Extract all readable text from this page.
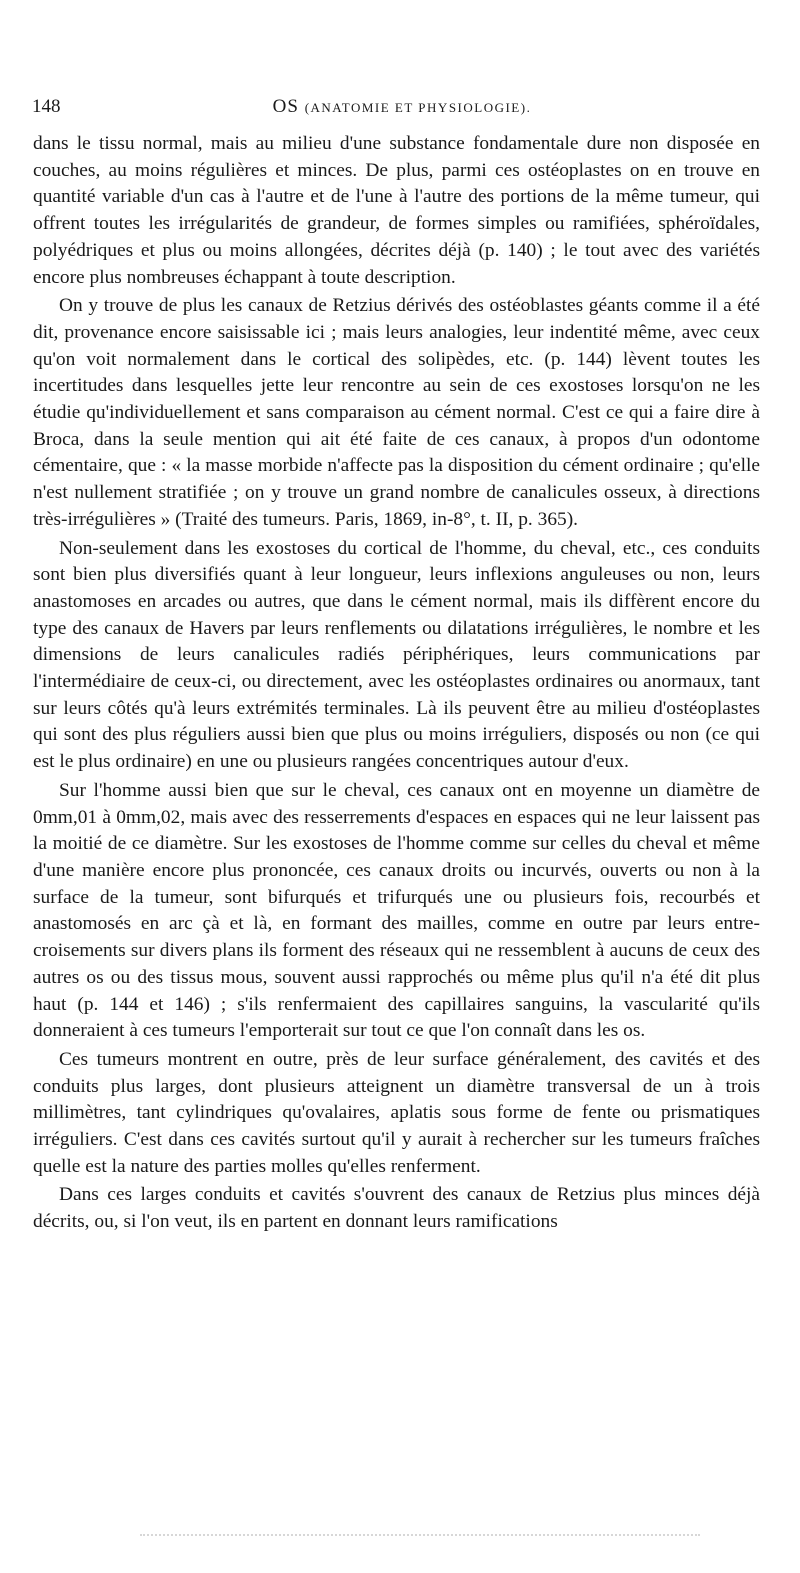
148	OS (ANATOMIE ET PHYSIOLOGIE).

dans le tissu normal, mais au milieu d'une substance fondamentale dure non disposée en couches, au moins régulières et minces. De plus, parmi ces ostéoplastes on en trouve en quantité variable d'un cas à l'autre et de l'une à l'autre des portions de la même tumeur, qui offrent toutes les irrégularités de grandeur, de formes simples ou ramifiées, sphéroïdales, polyédriques et plus ou moins allongées, décrites déjà (p. 140) ; le tout avec des variétés encore plus nombreuses échappant à toute description.

On y trouve de plus les canaux de Retzius dérivés des ostéoblastes géants comme il a été dit, provenance encore saisissable ici ; mais leurs analogies, leur indentité même, avec ceux qu'on voit normalement dans le cortical des solipèdes, etc. (p. 144) lèvent toutes les incertitudes dans lesquelles jette leur rencontre au sein de ces exostoses lorsqu'on ne les étudie qu'individuellement et sans comparaison au cément normal. C'est ce qui a faire dire à Broca, dans la seule mention qui ait été faite de ces canaux, à propos d'un odontome cémentaire, que : « la masse morbide n'affecte pas la disposition du cément ordinaire ; qu'elle n'est nullement stratifiée ; on y trouve un grand nombre de canalicules osseux, à directions très-irrégulières » (Traité des tumeurs. Paris, 1869, in-8°, t. II, p. 365).

Non-seulement dans les exostoses du cortical de l'homme, du cheval, etc., ces conduits sont bien plus diversifiés quant à leur longueur, leurs inflexions anguleuses ou non, leurs anastomoses en arcades ou autres, que dans le cément normal, mais ils diffèrent encore du type des canaux de Havers par leurs renflements ou dilatations irrégulières, le nombre et les dimensions de leurs canalicules radiés périphériques, leurs communications par l'intermédiaire de ceux-ci, ou directement, avec les ostéoplastes ordinaires ou anormaux, tant sur leurs côtés qu'à leurs extrémités terminales. Là ils peuvent être au milieu d'ostéoplastes qui sont des plus réguliers aussi bien que plus ou moins irréguliers, disposés ou non (ce qui est le plus ordinaire) en une ou plusieurs rangées concentriques autour d'eux.

Sur l'homme aussi bien que sur le cheval, ces canaux ont en moyenne un diamètre de 0mm,01 à 0mm,02, mais avec des resserrements d'espaces en espaces qui ne leur laissent pas la moitié de ce diamètre. Sur les exostoses de l'homme comme sur celles du cheval et même d'une manière encore plus prononcée, ces canaux droits ou incurvés, ouverts ou non à la surface de la tumeur, sont bifurqués et trifurqués une ou plusieurs fois, recourbés et anastomosés en arc çà et là, en formant des mailles, comme en outre par leurs entre-croisements sur divers plans ils forment des réseaux qui ne ressemblent à aucuns de ceux des autres os ou des tissus mous, souvent aussi rapprochés ou même plus qu'il n'a été dit plus haut (p. 144 et 146) ; s'ils renfermaient des capillaires sanguins, la vascularité qu'ils donneraient à ces tumeurs l'emporterait sur tout ce que l'on connaît dans les os.

Ces tumeurs montrent en outre, près de leur surface généralement, des cavités et des conduits plus larges, dont plusieurs atteignent un diamètre transversal de un à trois millimètres, tant cylindriques qu'ovalaires, aplatis sous forme de fente ou prismatiques irréguliers. C'est dans ces cavités surtout qu'il y aurait à rechercher sur les tumeurs fraîches quelle est la nature des parties molles qu'elles renferment.

Dans ces larges conduits et cavités s'ouvrent des canaux de Retzius plus minces déjà décrits, ou, si l'on veut, ils en partent en donnant leurs ramifications
